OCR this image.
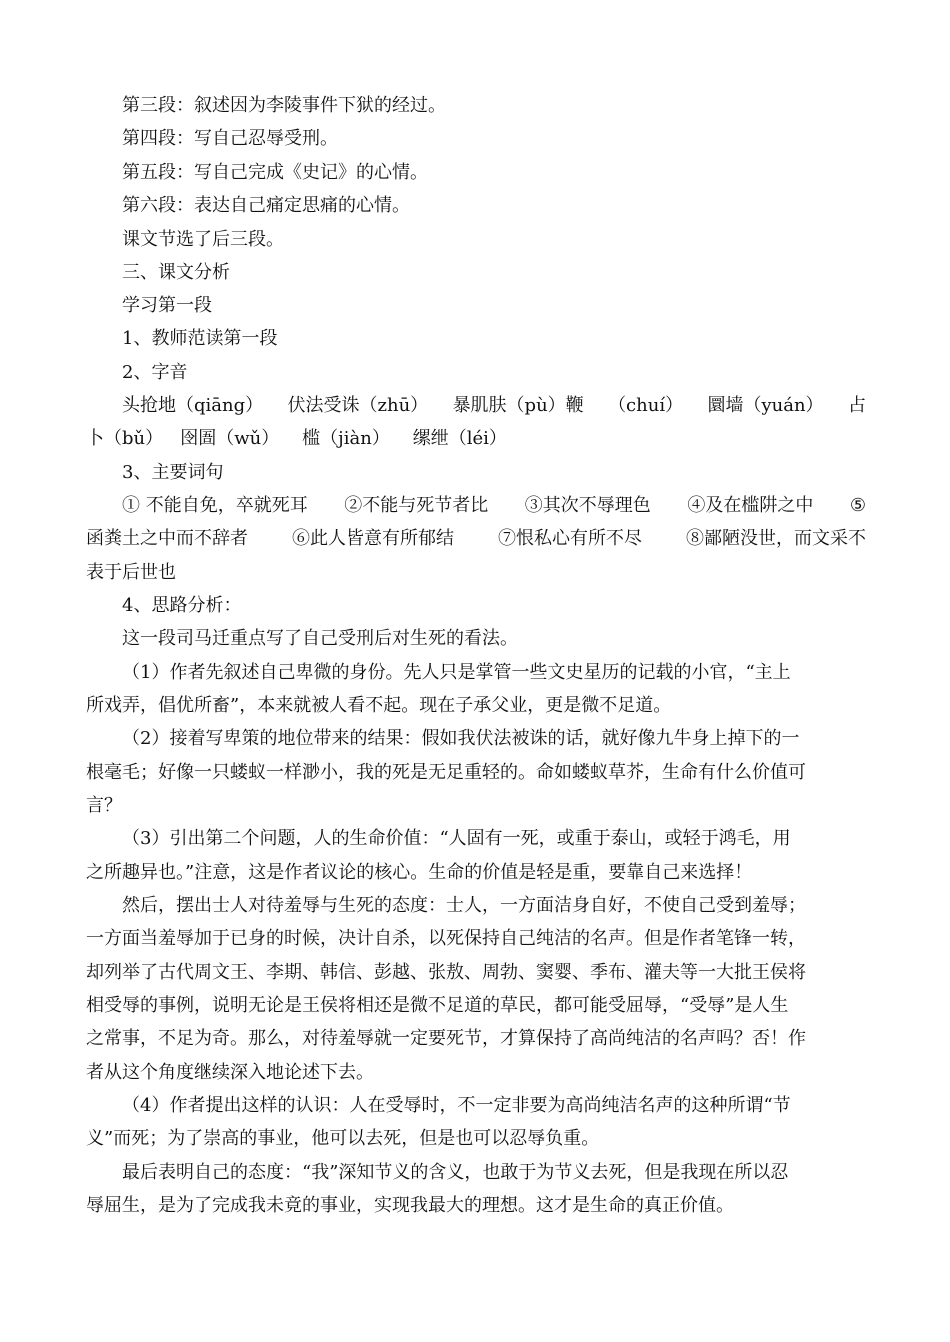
第三段：叙述因为李陵事件下狱的经过。
第四段：写自己忍辱受刑。
第五段：写自己完成《史记》的心情。
第六段：表达自己痛定思痛的心情。
课文节选了后三段。
三、课文分析
学习第一段
1、教师范读第一段
2、字音
头抢地（qiāng） 伏法受诛（zhū） 暴肌肤（pù）鞭 （chuí） 圜墙（yuán） 占
卜（bǔ）   囹圄（wǔ）    槛（jiàn）    缧绁（léi）
3、主要词句
① 不能自免，卒就死耳 ②不能与死节者比 ③其次不辱理色 ④及在槛阱之中 ⑤
函粪土之中而不辞者 ⑥此人皆意有所郁结 ⑦恨私心有所不尽 ⑧鄙陋没世，而文采不
表于后世也
4、思路分析：
这一段司马迁重点写了自己受刑后对生死的看法。
（1）作者先叙述自己卑微的身份。先人只是掌管一些文史星历的记载的小官，“主上
所戏弄，倡优所畜”，本来就被人看不起。现在子承父业，更是微不足道。
（2）接着写卑策的地位带来的结果：假如我伏法被诛的话，就好像九牛身上掉下的一
根毫毛；好像一只蝼蚁一样渺小，我的死是无足重轻的。命如蝼蚁草芥，生命有什么价值可
言？
（3）引出第二个问题，人的生命价值：“人固有一死，或重于泰山，或轻于鸿毛，用
之所趣异也。”注意，这是作者议论的核心。生命的价值是轻是重，要靠自己来选择！
然后，摆出士人对待羞辱与生死的态度：士人，一方面洁身自好，不使自己受到羞辱；
一方面当羞辱加于已身的时候，决计自杀，以死保持自己纯洁的名声。但是作者笔锋一转，
却列举了古代周文王、李期、韩信、彭越、张敖、周勃、窦婴、季布、灌夫等一大批王侯将
相受辱的事例，说明无论是王侯将相还是微不足道的草民，都可能受屈辱，“受辱”是人生
之常事，不足为奇。那么，对待羞辱就一定要死节，才算保持了高尚纯洁的名声吗？否！作
者从这个角度继续深入地论述下去。
（4）作者提出这样的认识：人在受辱时，不一定非要为高尚纯洁名声的这种所谓“节
义”而死；为了崇高的事业，他可以去死，但是也可以忍辱负重。
最后表明自己的态度：“我”深知节义的含义，也敢于为节义去死，但是我现在所以忍
辱屈生，是为了完成我未竟的事业，实现我最大的理想。这才是生命的真正价值。
